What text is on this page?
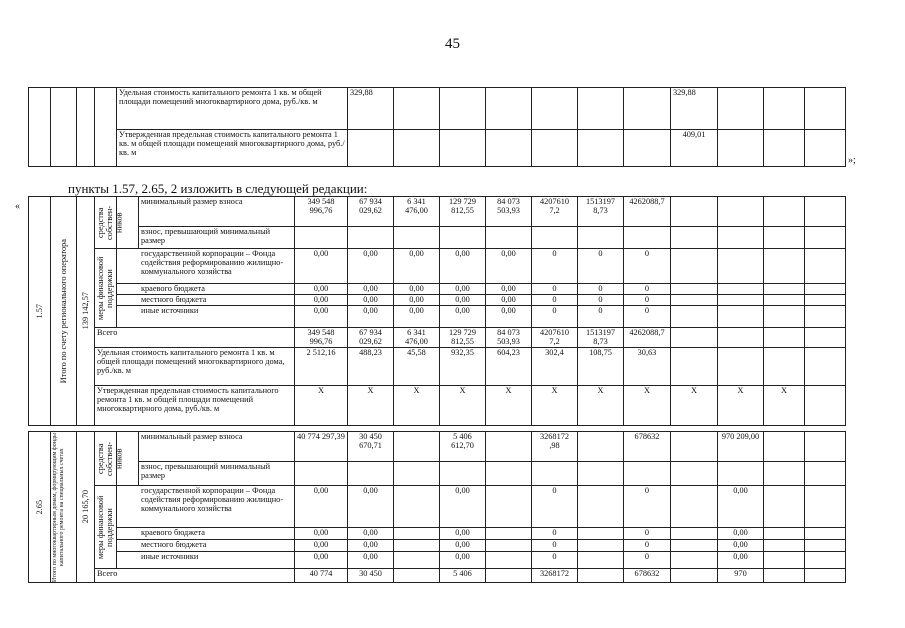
45
»;
пункты 1.57, 2.65, 2 изложить в следующей редакции:
«
				Удельная стоимость капитального ремонта 1 кв. м общей площади помещений многоквартирного дома, руб./кв. м	329,88							329,88			
				Утвержденная предельная стоимость капитального ремонта 1 кв. м общей площади помещений многоквартирного дома, руб./кв. м								409,01			
1.57	Итого по счету регионального оператора	139 142,57	средства собствен-ников		минимальный размер взноса	349 548 996,76	67 934 029,62	6 341 476,00	129 729 812,55	84 073 503,93	4207610 7,2	1513197 8,73	4262088,7				
					взнос, превышающий минимальный размер												

			меры финансовой поддержки	государственной корпорации – Фонда содействия реформированию жилищно-коммунального хозяйства		0,00	0,00	0,00	0,00	0,00	0	0	0				
				краевого бюджета		0,00	0,00	0,00	0,00	0,00	0	0	0				
				местного бюджета		0,00	0,00	0,00	0,00	0,00	0	0	0				
				иные источники		0,00	0,00	0,00	0,00	0,00	0	0	0				
			Всего			349 548 996,76	67 934 029,62	6 341 476,00	129 729 812,55	84 073 503,93	4207610 7,2	1513197 8,73	4262088,7				
			Удельная стоимость капитального ремонта 1 кв. м общей площади помещений многоквартирного дома, руб./кв. м			2 512,16	488,23	45,58	932,35	604,23	302,4	108,75	30,63				
			Утвержденная предельная стоимость капитального ремонта 1 кв. м общей площади помещений многоквартирного дома, руб./кв. м			X	X	X	X	X	X	X	X	X	X	X	
2.65	Итого по многоквартирным домам, формирующим фонды капитального ремонта на специальных счетах	20 165,70	средства собствен-ников		минимальный размер взноса	40 774 297,39	30 450 670,71		5 406 612,70		3268172 ,98		678632		970 209,00		
					взнос, превышающий минимальный размер												

			меры финансовой поддержки	государственной корпорации – Фонда содействия реформированию жилищно-коммунального хозяйства		0,00	0,00		0,00		0		0		0,00		
				краевого бюджета		0,00	0,00		0,00		0		0		0,00		
				местного бюджета		0,00	0,00		0,00		0		0		0,00		
				иные источники		0,00	0,00		0,00		0		0		0,00		
			Всего			40 774	30 450		5 406		3268172		678632		970		
